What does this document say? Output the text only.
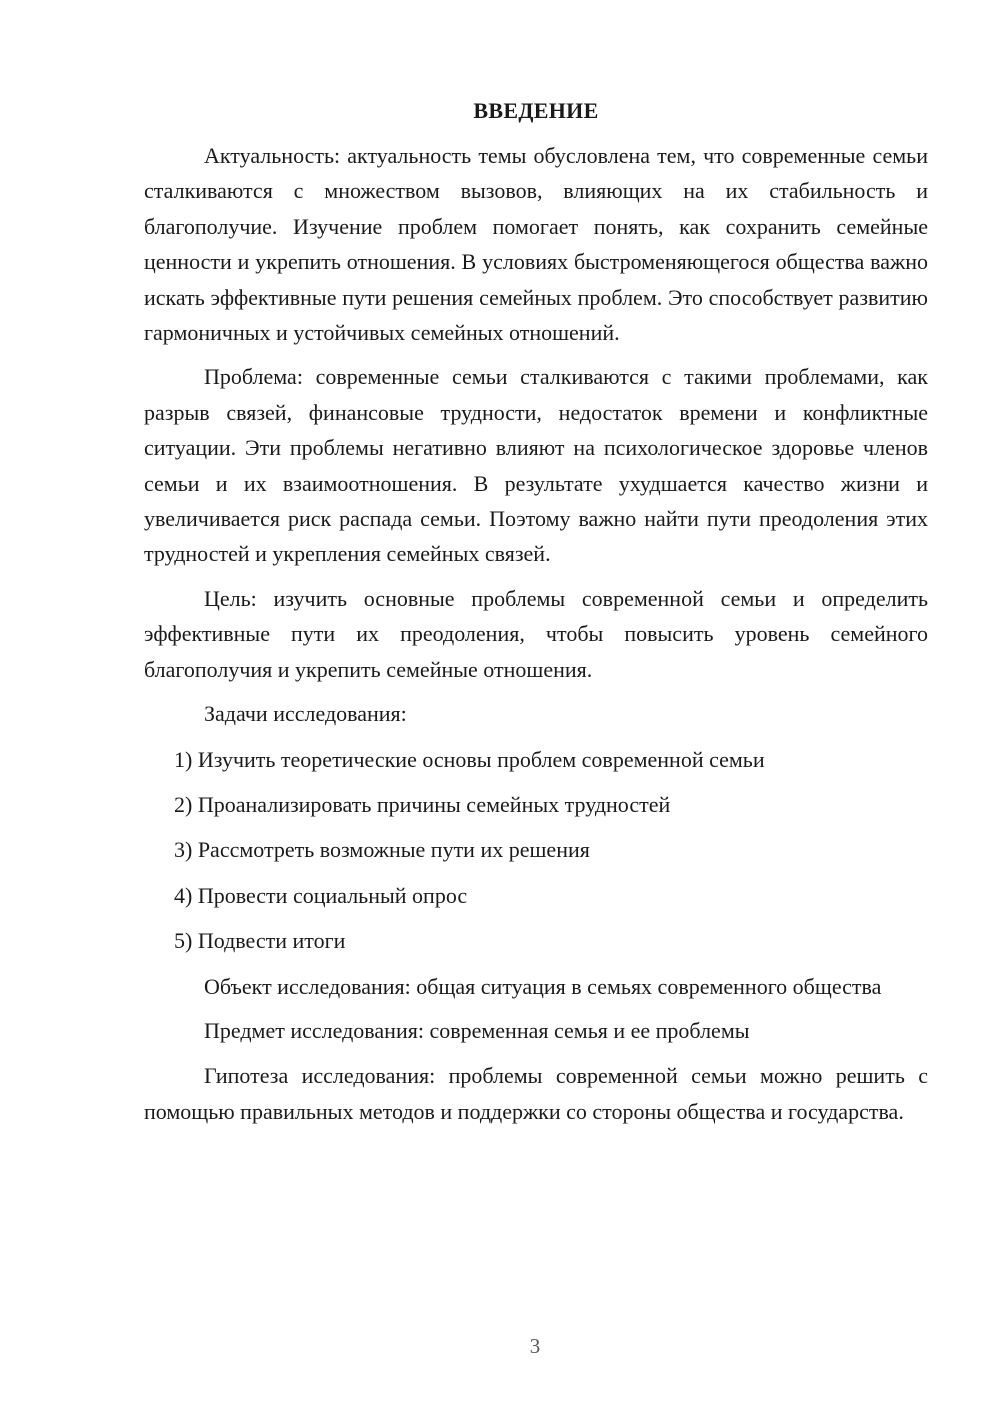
ВВЕДЕНИЕ

Актуальность: актуальность темы обусловлена тем, что современные семьи сталкиваются с множеством вызовов, влияющих на их стабильность и благополучие. Изучение проблем помогает понять, как сохранить семейные ценности и укрепить отношения. В условиях быстроменяющегося общества важно искать эффективные пути решения семейных проблем. Это способствует развитию гармоничных и устойчивых семейных отношений.

Проблема: современные семьи сталкиваются с такими проблемами, как разрыв связей, финансовые трудности, недостаток времени и конфликтные ситуации. Эти проблемы негативно влияют на психологическое здоровье членов семьи и их взаимоотношения. В результате ухудшается качество жизни и увеличивается риск распада семьи. Поэтому важно найти пути преодоления этих трудностей и укрепления семейных связей.

Цель: изучить основные проблемы современной семьи и определить эффективные пути их преодоления, чтобы повысить уровень семейного благополучия и укрепить семейные отношения.

Задачи исследования:

1) Изучить теоретические основы проблем современной семьи
2) Проанализировать причины семейных трудностей
3) Рассмотреть возможные пути их решения
4) Провести социальный опрос
5) Подвести итоги

Объект исследования: общая ситуация в семьях современного общества

Предмет исследования: современная семья и ее проблемы

Гипотеза исследования: проблемы современной семьи можно решить с помощью правильных методов и поддержки со стороны общества и государства.

3
